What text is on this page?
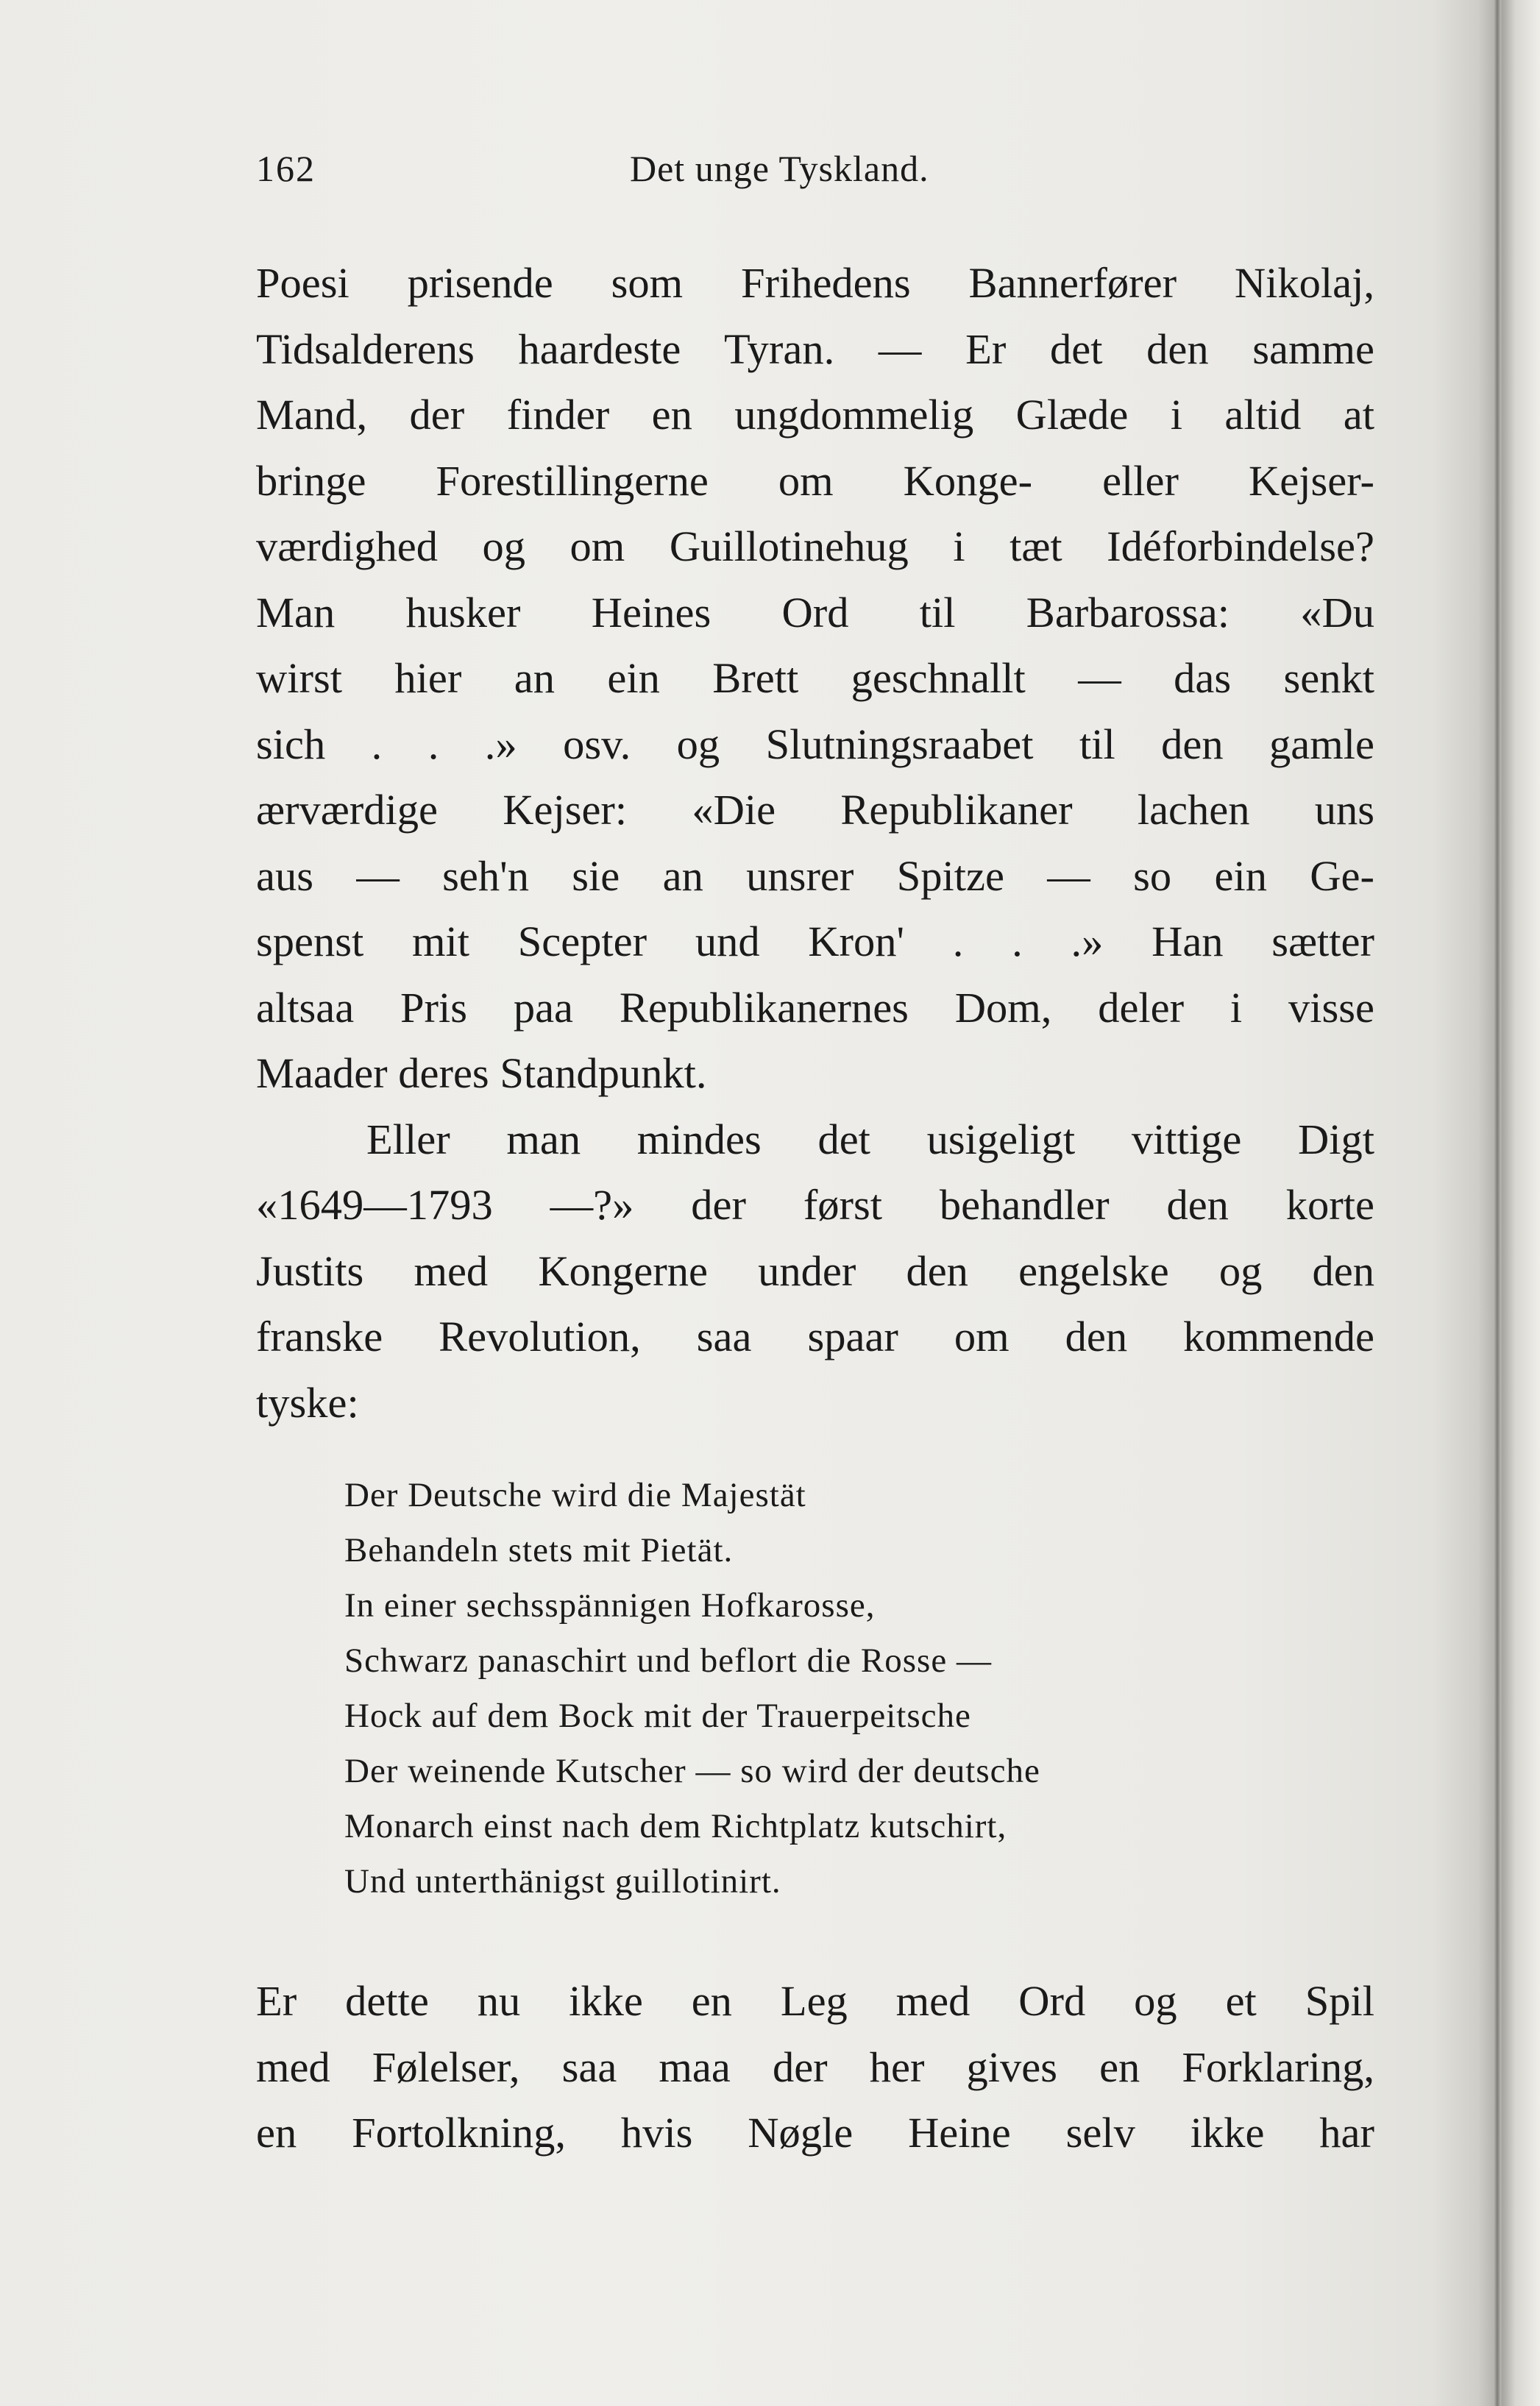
162	Det unge Tyskland.
Poesi prisende som Frihedens Bannerfører Nikolaj,
Tidsalderens haardeste Tyran. — Er det den samme
Mand, der finder en ungdommelig Glæde i altid at
bringe Forestillingerne om Konge- eller Kejser-
værdighed og om Guillotinehug i tæt Idéforbindelse?
Man husker Heines Ord til Barbarossa: «Du
wirst hier an ein Brett geschnallt — das senkt
sich . . .» osv. og Slutningsraabet til den gamle
ærværdige Kejser: «Die Republikaner lachen uns
aus — seh'n sie an unsrer Spitze — so ein Ge-
spenst mit Scepter und Kron' . . .» Han sætter
altsaa Pris paa Republikanernes Dom, deler i visse
Maader deres Standpunkt.
Eller man mindes det usigeligt vittige Digt
«1649—1793 —?» der først behandler den korte
Justits med Kongerne under den engelske og den
franske Revolution, saa spaar om den kommende
tyske:
Der Deutsche wird die Majestät
Behandeln stets mit Pietät.
In einer sechsspännigen Hofkarosse,
Schwarz panaschirt und beflort die Rosse —
Hock auf dem Bock mit der Trauerpeitsche
Der weinende Kutscher — so wird der deutsche
Monarch einst nach dem Richtplatz kutschirt,
Und unterthänigst guillotinirt.
Er dette nu ikke en Leg med Ord og et Spil
med Følelser, saa maa der her gives en Forklaring,
en Fortolkning, hvis Nøgle Heine selv ikke har
